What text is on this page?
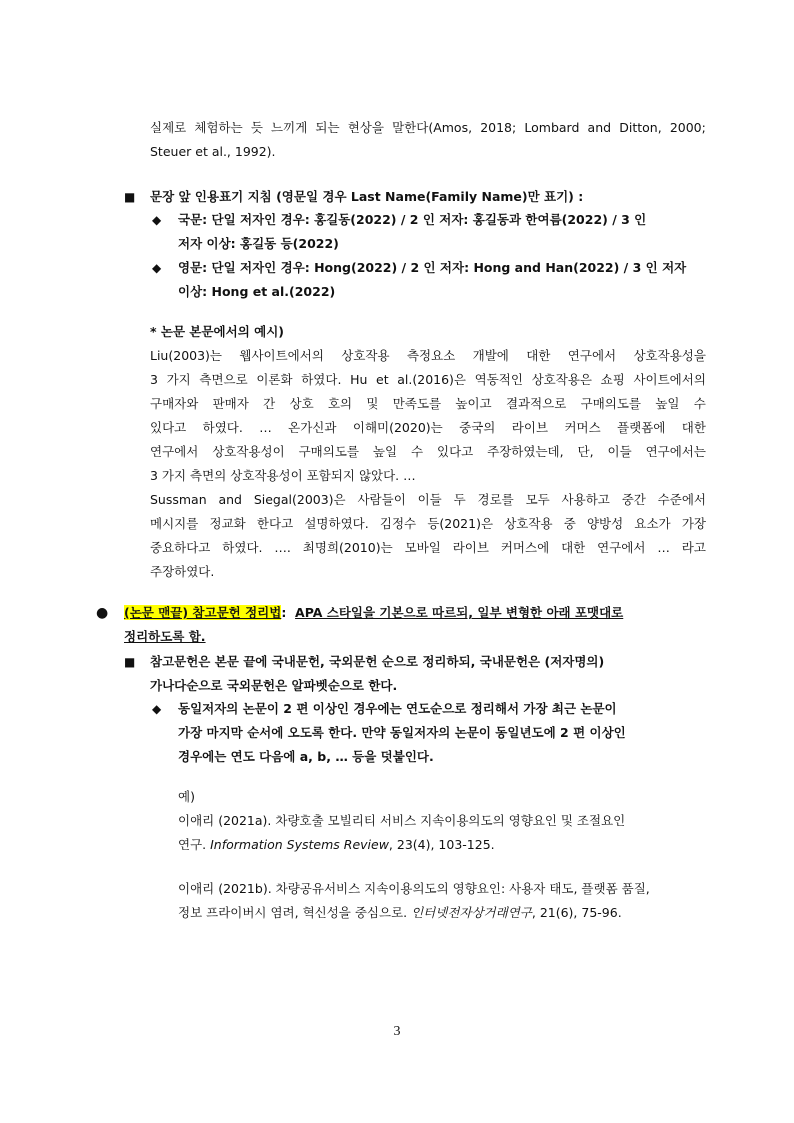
실제로 체험하는 듯 느끼게 되는 현상을 말한다(Amos, 2018; Lombard and Ditton, 2000;
Steuer et al., 1992).
■ 문장 앞 인용표기 지침 (영문일 경우 Last Name(Family Name)만 표기) :
◆ 국문: 단일 저자인 경우: 홍길동(2022) / 2 인 저자: 홍길동과 한여름(2022) / 3 인
저자 이상: 홍길동 등(2022)
◆ 영문: 단일 저자인 경우: Hong(2022) / 2 인 저자: Hong and Han(2022) / 3 인 저자
이상: Hong et al.(2022)
* 논문 본문에서의 예시)
Liu(2003)는 웹사이트에서의 상호작용 측정요소 개발에 대한 연구에서 상호작용성을
3 가지 측면으로 이론화 하였다. Hu et al.(2016)은 역동적인 상호작용은 쇼핑 사이트에서의
구매자와 판매자 간 상호 호의 및 만족도를 높이고 결과적으로 구매의도를 높일 수
있다고 하였다. … 온가신과 이해미(2020)는 중국의 라이브 커머스 플랫폼에 대한
연구에서 상호작용성이 구매의도를 높일 수 있다고 주장하였는데, 단, 이들 연구에서는
3 가지 측면의 상호작용성이 포함되지 않았다. …
Sussman and Siegal(2003)은 사람들이 이들 두 경로를 모두 사용하고 중간 수준에서
메시지를 정교화 한다고 설명하였다. 김정수 등(2021)은 상호작용 중 양방성 요소가 가장
중요하다고 하였다. …. 최명희(2010)는 모바일 라이브 커머스에 대한 연구에서 … 라고
주장하였다.
● (논문 맨끝) 참고문헌 정리법: APA 스타일을 기본으로 따르되, 일부 변형한 아래 포맷대로
정리하도록 함.
■ 참고문헌은 본문 끝에 국내문헌, 국외문헌 순으로 정리하되, 국내문헌은 (저자명의)
가나다순으로 국외문헌은 알파벳순으로 한다.
◆ 동일저자의 논문이 2 편 이상인 경우에는 연도순으로 정리해서 가장 최근 논문이
가장 마지막 순서에 오도록 한다. 만약 동일저자의 논문이 동일년도에 2 편 이상인
경우에는 연도 다음에 a, b, … 등을 덧붙인다.
예)
이애리 (2021a). 차량호출 모빌리티 서비스 지속이용의도의 영향요인 및 조절요인
연구. Information Systems Review, 23(4), 103-125.
이애리 (2021b). 차량공유서비스 지속이용의도의 영향요인: 사용자 태도, 플랫폼 품질,
정보 프라이버시 염려, 혁신성을 중심으로. 인터넷전자상거래연구, 21(6), 75-96.
3
